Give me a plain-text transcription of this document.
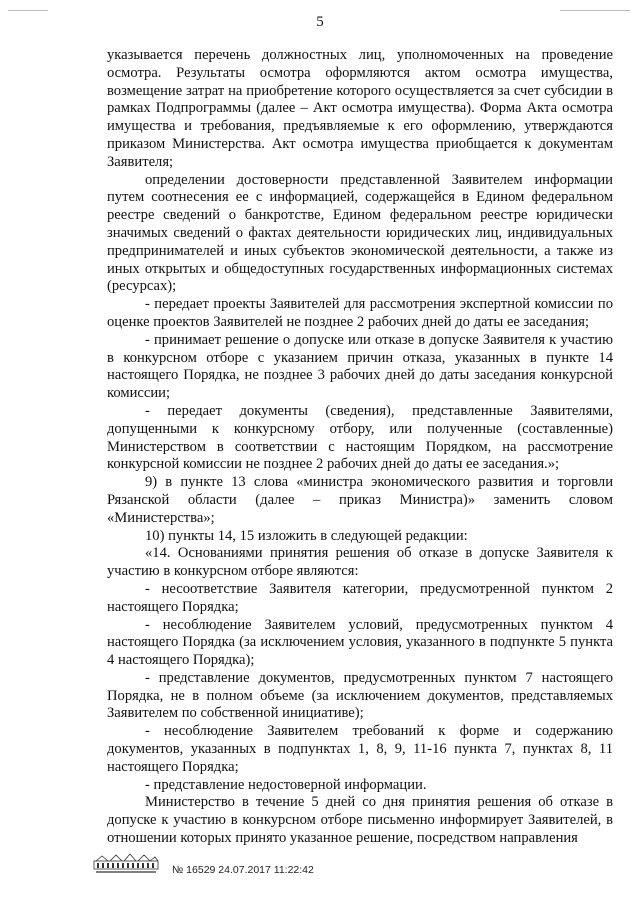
5

указывается перечень должностных лиц, уполномоченных на проведение осмотра. Результаты осмотра оформляются актом осмотра имущества, возмещение затрат на приобретение которого осуществляется за счет субсидии в рамках Подпрограммы (далее – Акт осмотра имущества). Форма Акта осмотра имущества и требования, предъявляемые к его оформлению, утверждаются приказом Министерства. Акт осмотра имущества приобщается к документам Заявителя;

определении достоверности представленной Заявителем информации путем соотнесения ее с информацией, содержащейся в Едином федеральном реестре сведений о банкротстве, Едином федеральном реестре юридически значимых сведений о фактах деятельности юридических лиц, индивидуальных предпринимателей и иных субъектов экономической деятельности, а также из иных открытых и общедоступных государственных информационных системах (ресурсах);

- передает проекты Заявителей для рассмотрения экспертной комиссии по оценке проектов Заявителей не позднее 2 рабочих дней до даты ее заседания;

- принимает решение о допуске или отказе в допуске Заявителя к участию в конкурсном отборе с указанием причин отказа, указанных в пункте 14 настоящего Порядка, не позднее 3 рабочих дней до даты заседания конкурсной комиссии;

- передает документы (сведения), представленные Заявителями, допущенными к конкурсному отбору, или полученные (составленные) Министерством в соответствии с настоящим Порядком, на рассмотрение конкурсной комиссии не позднее 2 рабочих дней до даты ее заседания.»;

9) в пункте 13 слова «министра экономического развития и торговли Рязанской области (далее – приказ Министра)» заменить словом «Министерства»;

10) пункты 14, 15 изложить в следующей редакции:

«14. Основаниями принятия решения об отказе в допуске Заявителя к участию в конкурсном отборе являются:

- несоответствие Заявителя категории, предусмотренной пунктом 2 настоящего Порядка;

- несоблюдение Заявителем условий, предусмотренных пунктом 4 настоящего Порядка (за исключением условия, указанного в подпункте 5 пункта 4 настоящего Порядка);

- представление документов, предусмотренных пунктом 7 настоящего Порядка, не в полном объеме (за исключением документов, представляемых Заявителем по собственной инициативе);

- несоблюдение Заявителем требований к форме и содержанию документов, указанных в подпунктах 1, 8, 9, 11-16 пункта 7, пунктах 8, 11 настоящего Порядка;

- представление недостоверной информации.

Министерство в течение 5 дней со дня принятия решения об отказе в допуске к участию в конкурсном отборе письменно информирует Заявителей, в отношении которых принято указанное решение, посредством направления

№ 16529 24.07.2017 11:22:42
